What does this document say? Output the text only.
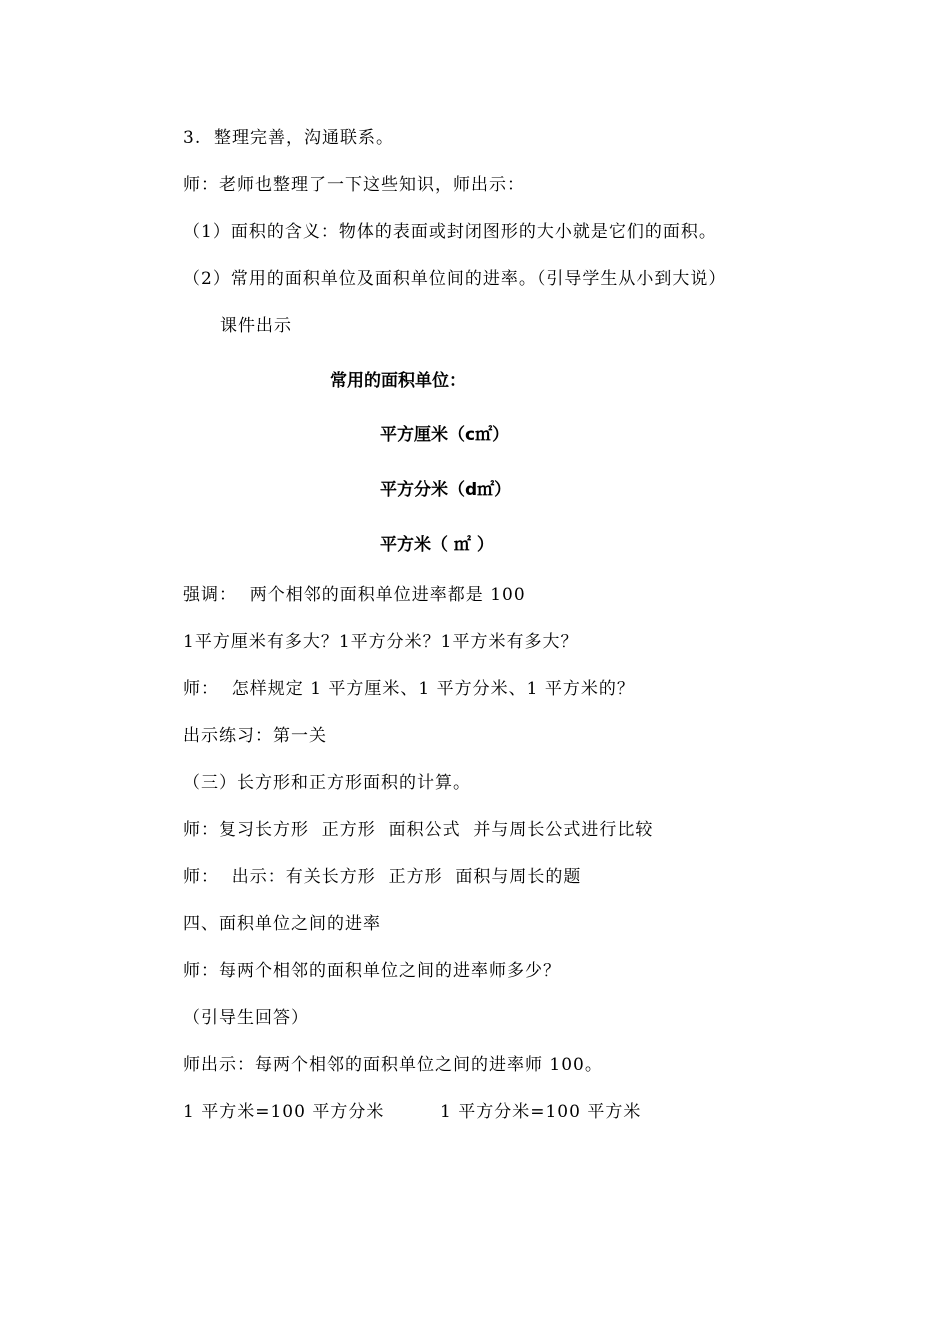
3.  整理完善，沟通联系。
师：老师也整理了一下这些知识，师出示：
（1）面积的含义：物体的表面或封闭图形的大小就是它们的面积。
（2）常用的面积单位及面积单位间的进率。（引导学生从小到大说）
课件出示
常用的面积单位：
平方厘米（c㎡）
平方分米（d㎡）
平方米（ ㎡ ）
强调：  两个相邻的面积单位进率都是 100
1平方厘米有多大？1平方分米？1平方米有多大？
师：  怎样规定 1 平方厘米、1 平方分米、1 平方米的？
出示练习：第一关
（三）长方形和正方形面积的计算。
师：复习长方形  正方形  面积公式  并与周长公式进行比较
师：  出示：有关长方形  正方形  面积与周长的题
四、面积单位之间的进率
师：每两个相邻的面积单位之间的进率师多少？
（引导生回答）
师出示：每两个相邻的面积单位之间的进率师 100。
1 平方米=100 平方分米	1 平方分米=100 平方米
